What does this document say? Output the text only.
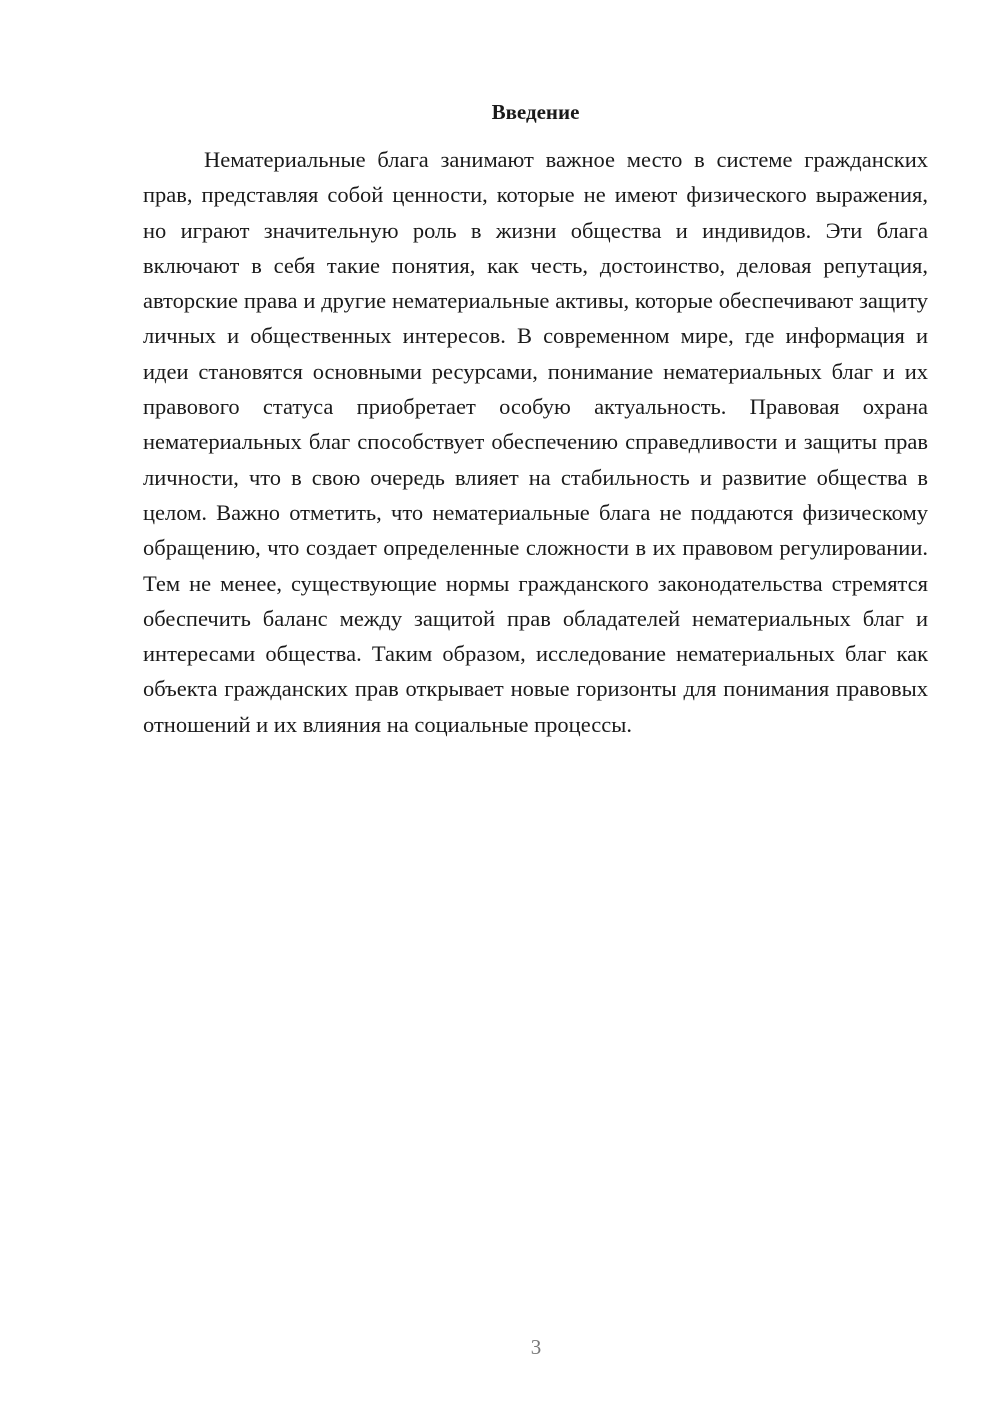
Введение

Нематериальные блага занимают важное место в системе гражданских прав, представляя собой ценности, которые не имеют физического выражения, но играют значительную роль в жизни общества и индивидов. Эти блага включают в себя такие понятия, как честь, достоинство, деловая репутация, авторские права и другие нематериальные активы, которые обеспечивают защиту личных и общественных интересов. В современном мире, где информация и идеи становятся основными ресурсами, понимание нематериальных благ и их правового статуса приобретает особую актуальность. Правовая охрана нематериальных благ способствует обеспечению справедливости и защиты прав личности, что в свою очередь влияет на стабильность и развитие общества в целом. Важно отметить, что нематериальные блага не поддаются физическому обращению, что создает определенные сложности в их правовом регулировании. Тем не менее, существующие нормы гражданского законодательства стремятся обеспечить баланс между защитой прав обладателей нематериальных благ и интересами общества. Таким образом, исследование нематериальных благ как объекта гражданских прав открывает новые горизонты для понимания правовых отношений и их влияния на социальные процессы.

3
